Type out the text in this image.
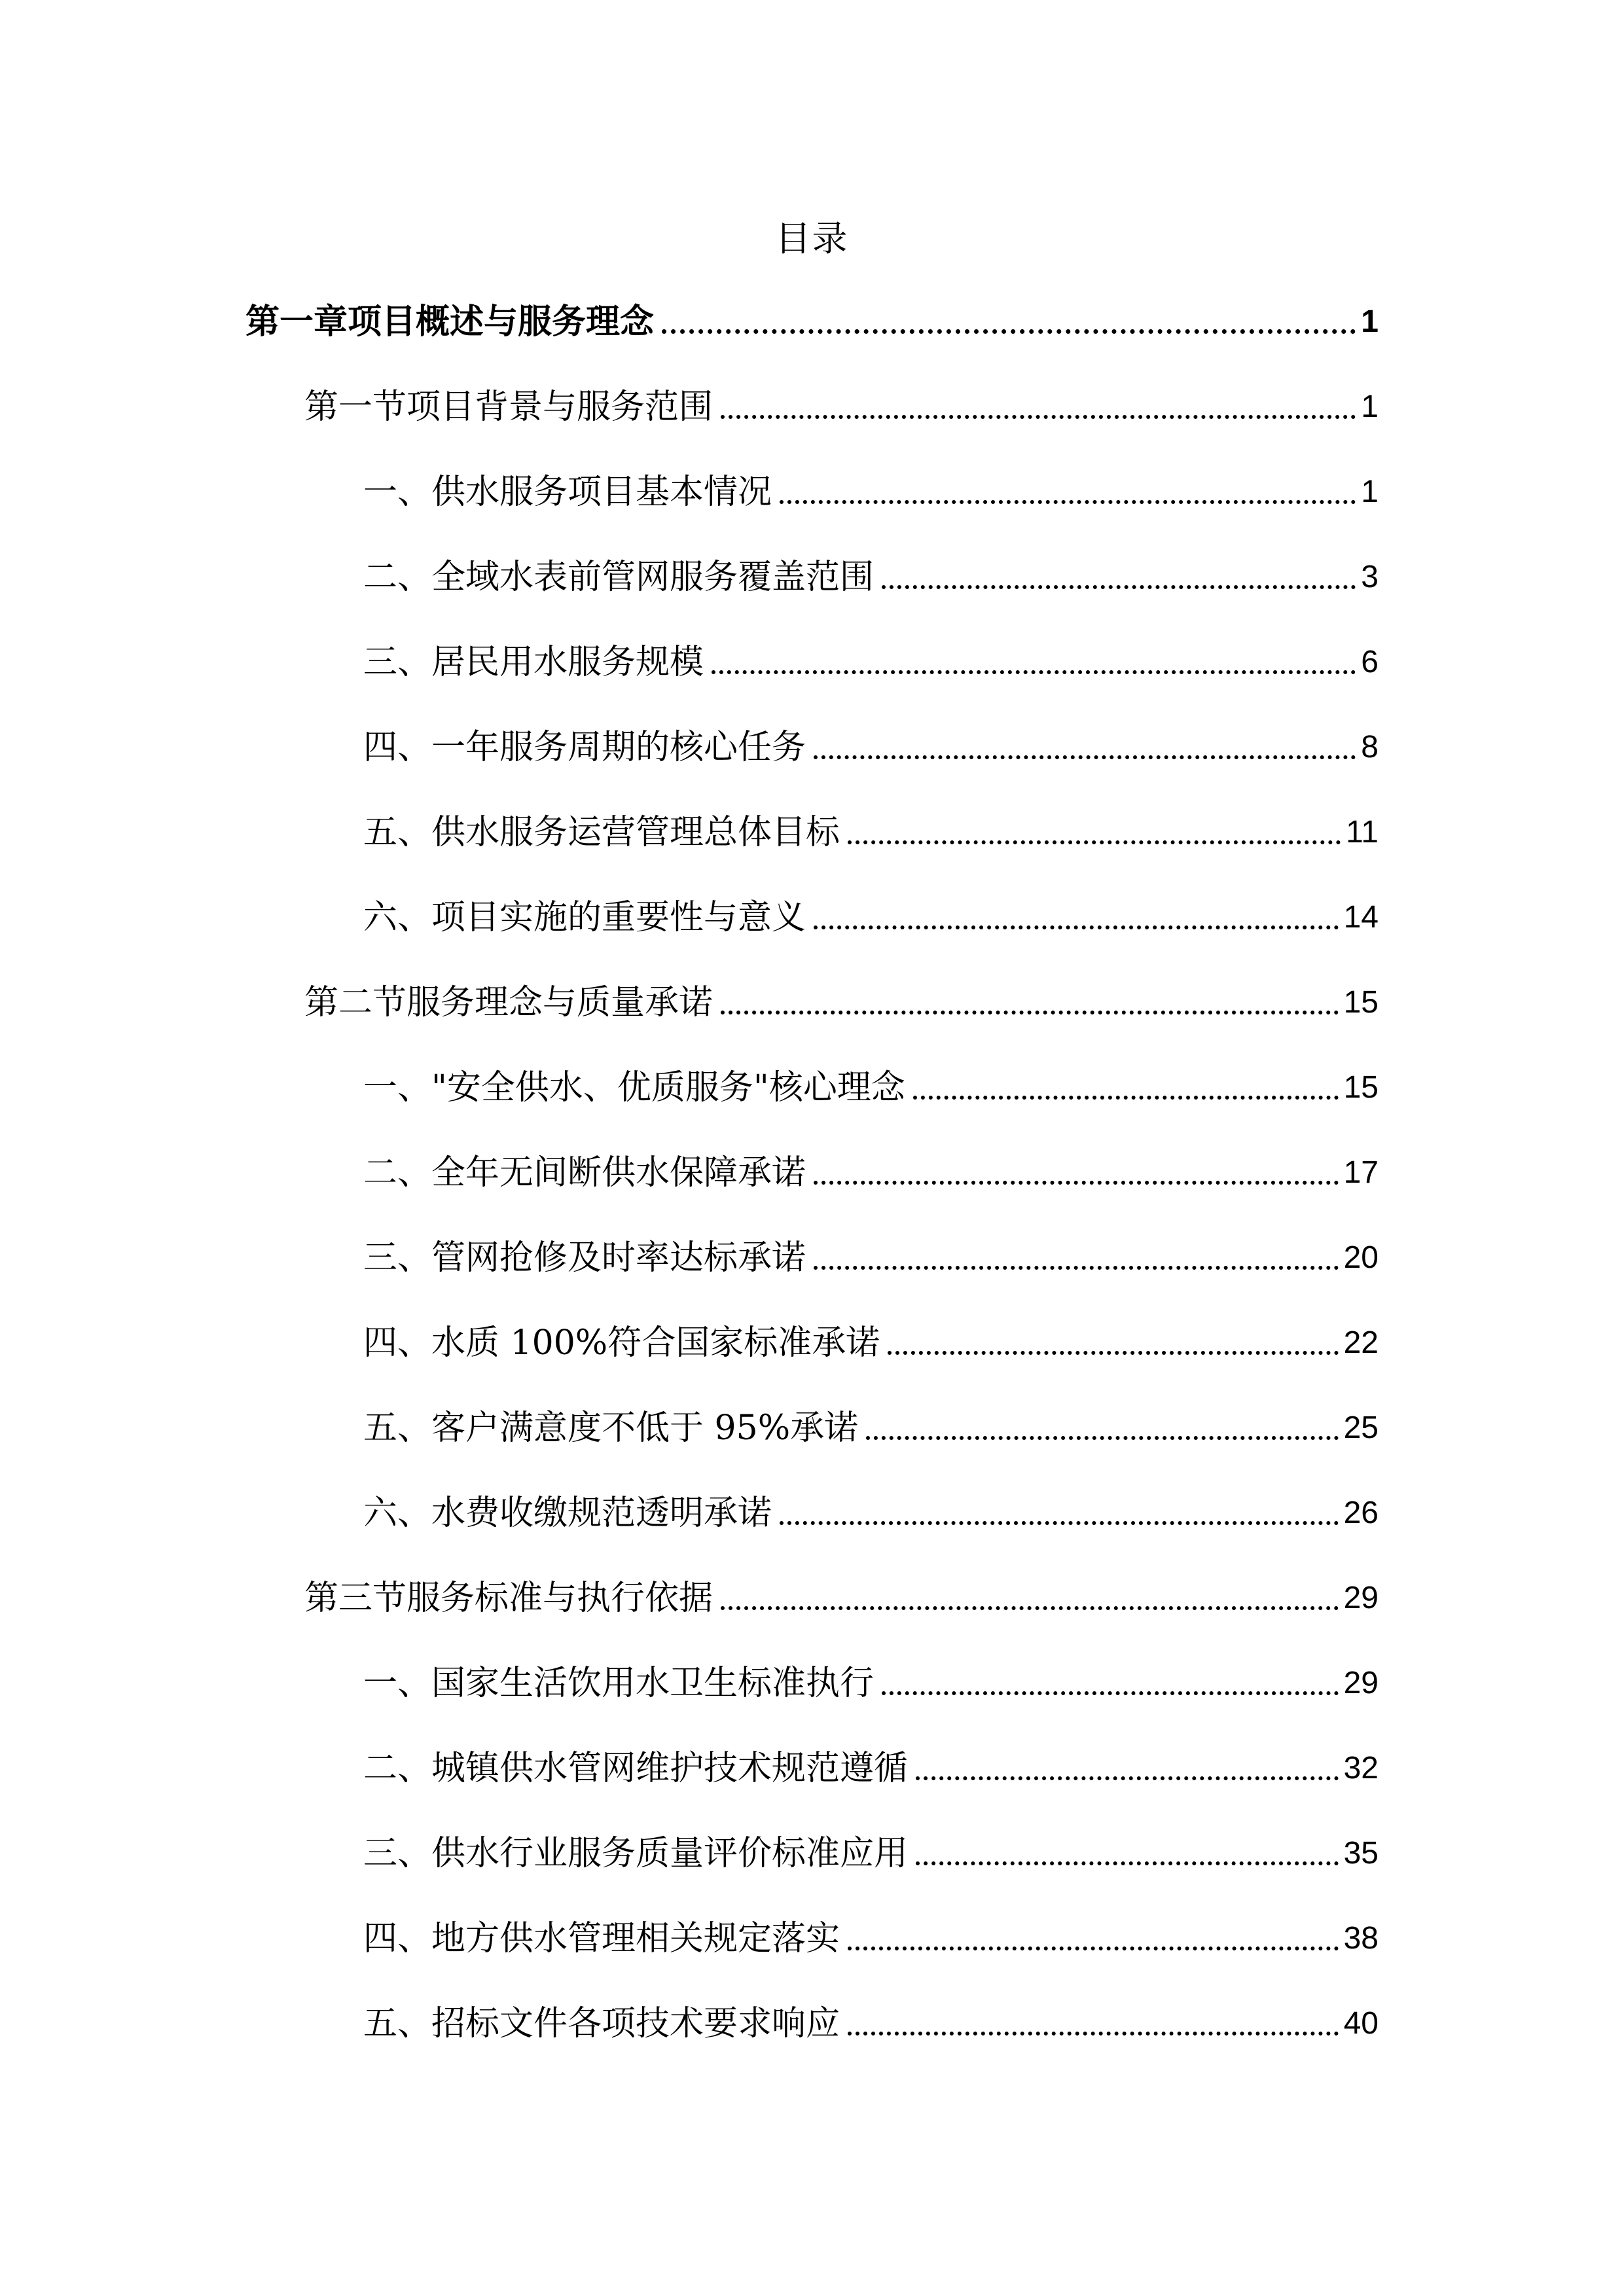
目录
第一章项目概述与服务理念	1
第一节项目背景与服务范围	1
一、供水服务项目基本情况	1
二、全域水表前管网服务覆盖范围	3
三、居民用水服务规模	6
四、一年服务周期的核心任务	8
五、供水服务运营管理总体目标	11
六、项目实施的重要性与意义	14
第二节服务理念与质量承诺	15
一、"安全供水、优质服务"核心理念	15
二、全年无间断供水保障承诺	17
三、管网抢修及时率达标承诺	20
四、水质 100%符合国家标准承诺	22
五、客户满意度不低于 95%承诺	25
六、水费收缴规范透明承诺	26
第三节服务标准与执行依据	29
一、国家生活饮用水卫生标准执行	29
二、城镇供水管网维护技术规范遵循	32
三、供水行业服务质量评价标准应用	35
四、地方供水管理相关规定落实	38
五、招标文件各项技术要求响应	40
